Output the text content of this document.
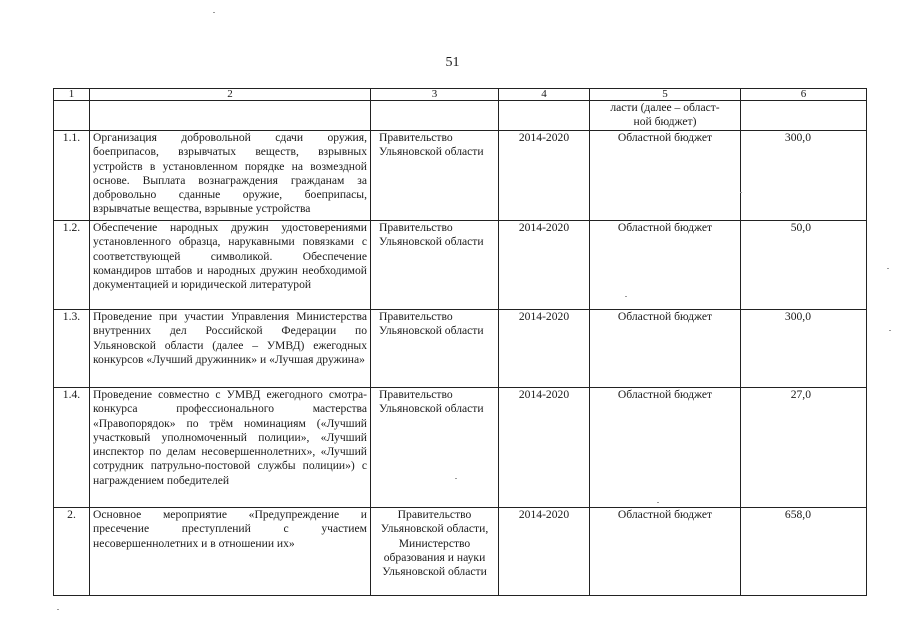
51
1	2	3	4	5	6
				ласти (далее – област-
ной бюджет)	
1.1.	Организация добровольной сдачи оружия, боеприпасов, взрывчатых веществ, взрывных устройств в установленном порядке на возмездной основе. Выплата вознаграждения гражданам за добровольно сданные оружие, боеприпасы, взрывчатые вещества, взрывные устройства	Правительство Ульяновской области	2014-2020	Областной бюджет	300,0
1.2.	Обеспечение народных дружин удостоверениями установленного образца, нарукавными повязками с соответствующей символикой. Обеспечение командиров штабов и народных дружин необходимой документацией и юридической литературой	Правительство Ульяновской области	2014-2020	Областной бюджет	50,0
1.3.	Проведение при участии Управления Министерства внутренних дел Российской Федерации по Ульяновской области (далее – УМВД) ежегодных конкурсов «Лучший дружинник» и «Лучшая дружина»	Правительство Ульяновской области	2014-2020	Областной бюджет	300,0
1.4.	Проведение совместно с УМВД ежегодного смотра-конкурса профессионального мастерства «Правопорядок» по трём номинациям («Лучший участковый уполномоченный полиции», «Лучший инспектор по делам несовершеннолетних», «Лучший сотрудник патрульно-постовой службы полиции») с награждением победителей	Правительство Ульяновской области	2014-2020	Областной бюджет	27,0
2.	Основное мероприятие «Предупреждение и пресечение преступлений с участием несовершеннолетних и в отношении их»	Правительство Ульяновской области, Министерство образования и науки Ульяновской области	2014-2020	Областной бюджет	658,0
